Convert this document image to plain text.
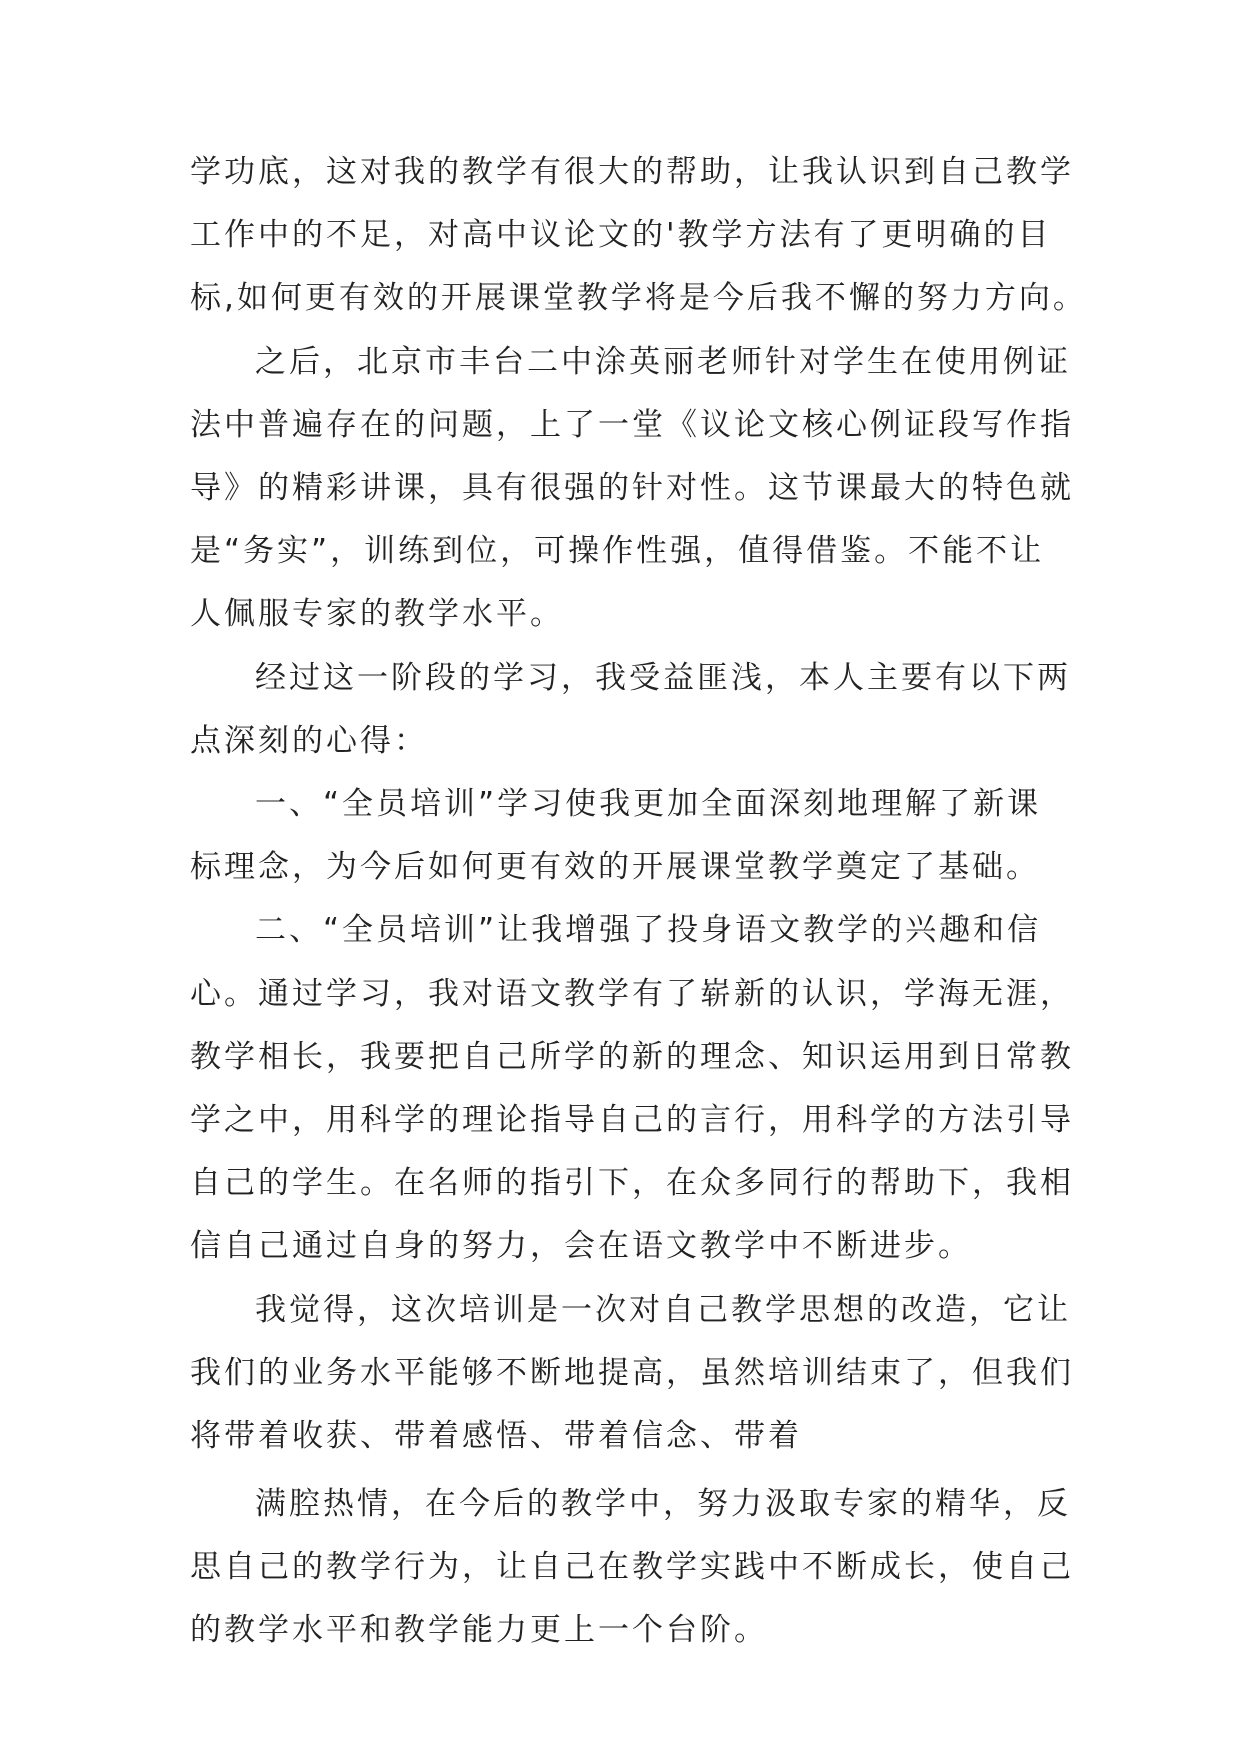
学功底，这对我的教学有很大的帮助，让我认识到自己教学
工作中的不足，对高中议论文的'教学方法有了更明确的目
标,如何更有效的开展课堂教学将是今后我不懈的努力方向。
之后，北京市丰台二中涂英丽老师针对学生在使用例证
法中普遍存在的问题，上了一堂《议论文核心例证段写作指
导》的精彩讲课，具有很强的针对性。这节课最大的特色就
是“务实”，训练到位，可操作性强，值得借鉴。不能不让
人佩服专家的教学水平。
经过这一阶段的学习，我受益匪浅，本人主要有以下两
点深刻的心得：
一、“全员培训”学习使我更加全面深刻地理解了新课
标理念，为今后如何更有效的开展课堂教学奠定了基础。
二、“全员培训”让我增强了投身语文教学的兴趣和信
心。通过学习，我对语文教学有了崭新的认识，学海无涯，
教学相长，我要把自己所学的新的理念、知识运用到日常教
学之中，用科学的理论指导自己的言行，用科学的方法引导
自己的学生。在名师的指引下，在众多同行的帮助下，我相
信自己通过自身的努力，会在语文教学中不断进步。
我觉得，这次培训是一次对自己教学思想的改造，它让
我们的业务水平能够不断地提高，虽然培训结束了，但我们
将带着收获、带着感悟、带着信念、带着
满腔热情，在今后的教学中，努力汲取专家的精华，反
思自己的教学行为，让自己在教学实践中不断成长，使自己
的教学水平和教学能力更上一个台阶。
